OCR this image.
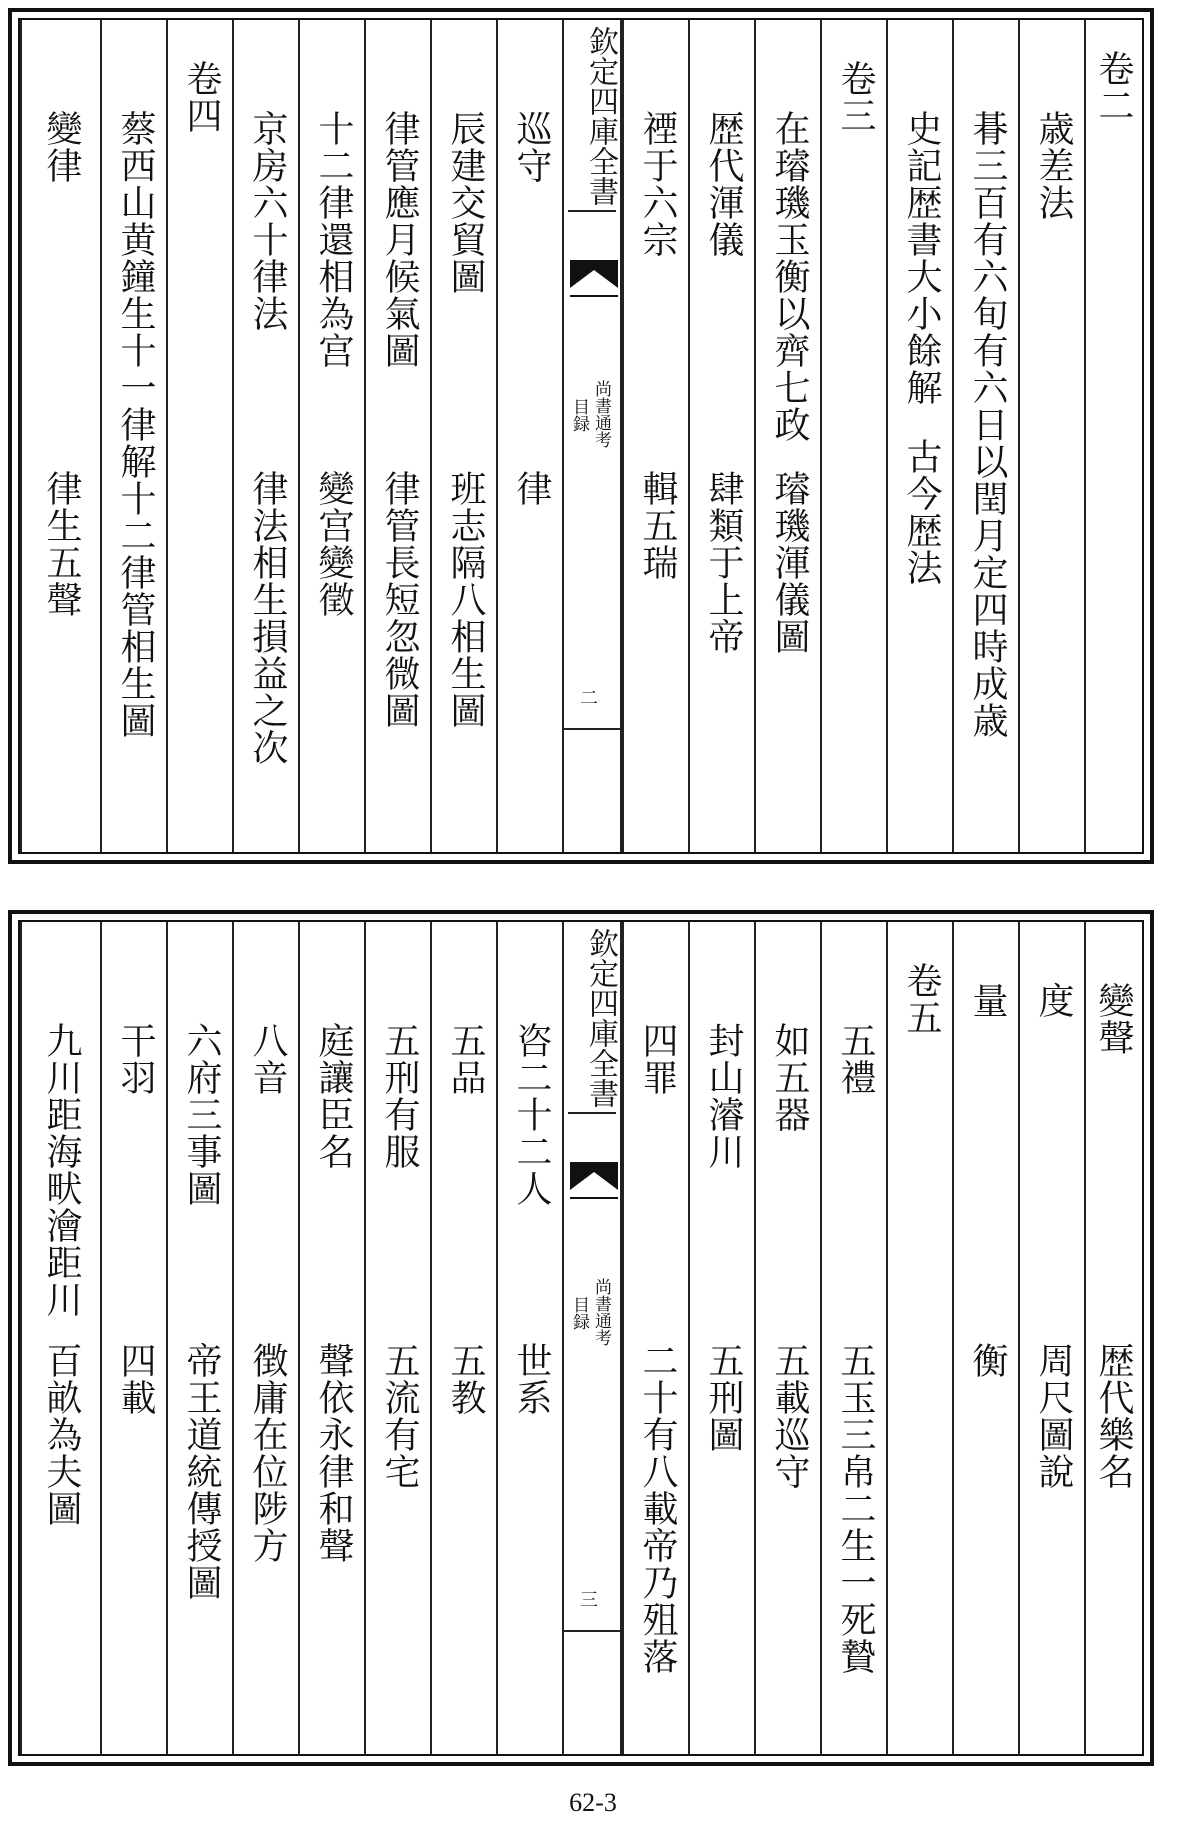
卷二
歳差法
朞三百有六旬有六日以閏月定四時成歳
史記歴書大小餘解
古今歴法
卷三
在璿璣玉衡以齊七政
璿璣渾儀圖
歴代渾儀
肆類于上帝
禋于六宗
輯五瑞
欽定四庫全書
尚書通考
目録
二
巡守
律
辰建交貿圖
班志隔八相生圖
律管應月候氣圖
律管長短忽微圖
十二律還相為宫
變宫變徵
京房六十律法
律法相生損益之次
卷四
蔡西山黄鐘生十一律解十二律管相生圖
變律
律生五聲
變聲
歴代樂名
度
周尺圖說
量
衡
卷五
五禮
五玉三帛二生一死贄
如五器
五載巡守
封山濬川
五刑圖
四罪
二十有八載帝乃殂落
欽定四庫全書
尚書通考
目録
三
咨二十二人
世系
五品
五教
五刑有服
五流有宅
庭讓臣名
聲依永律和聲
八音
徴庸在位陟方
六府三事圖
帝王道統傳授圖
干羽
四載
九川距海畎澮距川
百畝為夫圖
62-3
